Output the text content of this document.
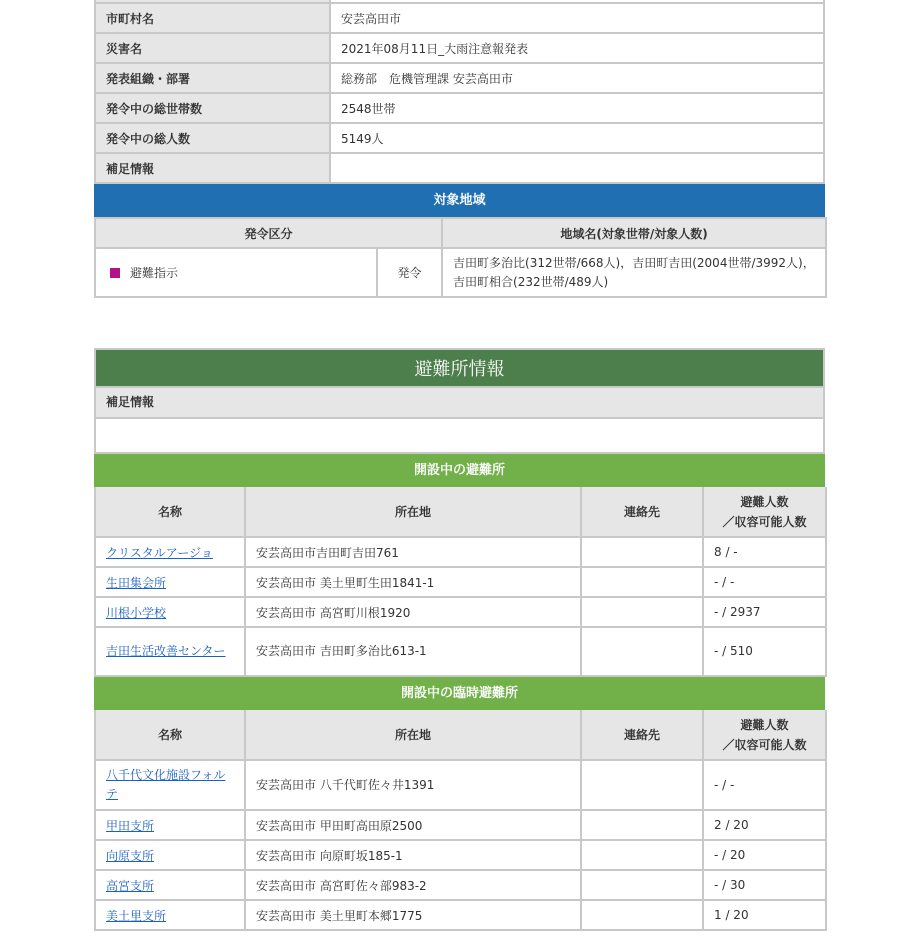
市町村名	安芸高田市
災害名	2021年08月11日_大雨注意報発表
発表組織・部署	総務部　危機管理課 安芸高田市
発令中の総世帯数	2548世帯
発令中の総人数	5149人
補足情報	
対象地域
発令区分		地域名(対象世帯/対象人数)
避難指示	発令	吉田町多治比(312世帯/668人)，吉田町吉田(2004世帯/3992人)，吉田町相合(232世帯/489人)
避難所情報
補足情報
開設中の避難所
名称	所在地	連絡先	避難人数
／収容可能人数
クリスタルアージョ	安芸高田市吉田町吉田761		8 / -
生田集会所	安芸高田市 美土里町生田1841-1		- / -
川根小学校	安芸高田市 高宮町川根1920		- / 2937
吉田生活改善センター	安芸高田市 吉田町多治比613-1		- / 510
開設中の臨時避難所
名称	所在地	連絡先	避難人数
／収容可能人数
八千代文化施設フォルテ	安芸高田市 八千代町佐々井1391		- / -
甲田支所	安芸高田市 甲田町高田原2500		2 / 20
向原支所	安芸高田市 向原町坂185-1		- / 20
高宮支所	安芸高田市 高宮町佐々部983-2		- / 30
美土里支所	安芸高田市 美土里町本郷1775		1 / 20
